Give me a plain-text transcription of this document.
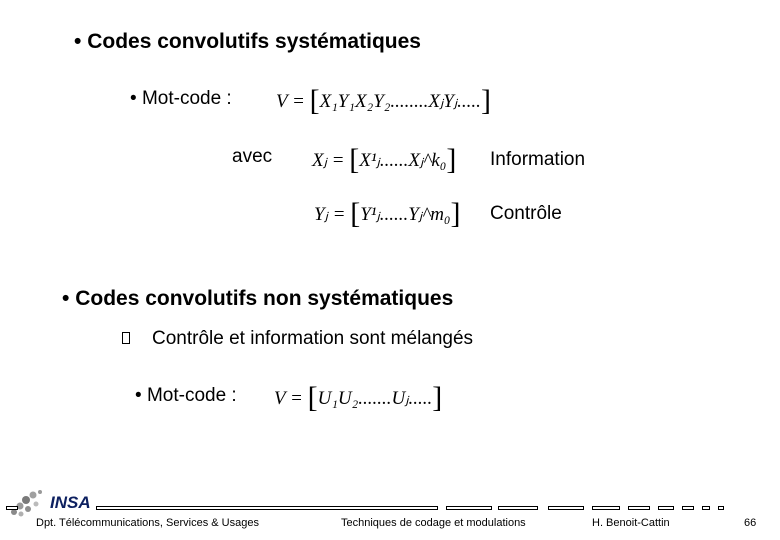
• Codes convolutifs systématiques
• Mot-code : V = [X₁Y₁X₂Y₂........XⱼYⱼ.....]
avec Xⱼ = [X¹ⱼ......Xⱼ^k₀] Information
Yⱼ = [Y¹ⱼ......Yⱼ^m₀] Contrôle
• Codes convolutifs non systématiques
Contrôle et information sont mélangés
• Mot-code : V = [U₁U₂.......Uⱼ.....]
INSA
Dpt. Télécommunications, Services & Usages	Techniques de codage et modulations	H. Benoit-Cattin	66
